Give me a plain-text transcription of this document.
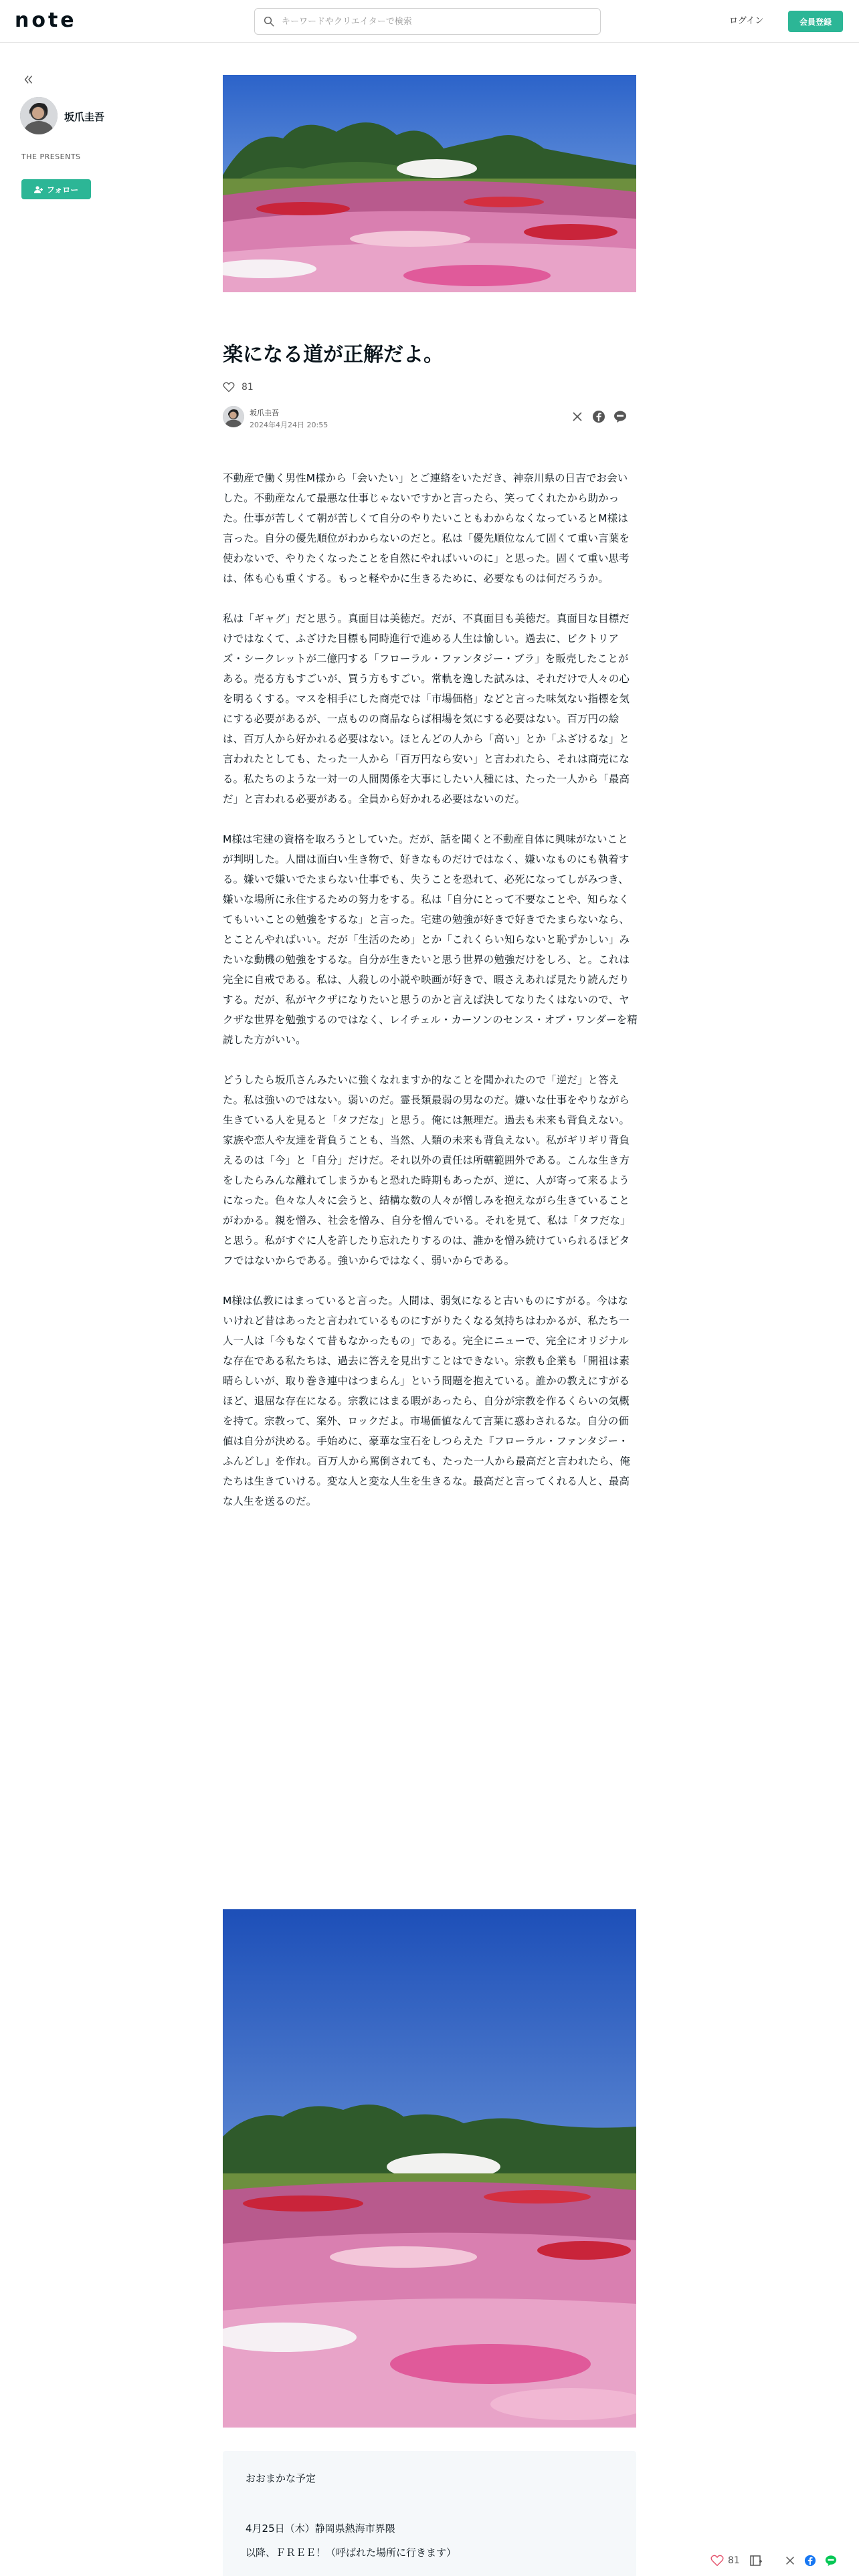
note
キーワードやクリエイターで検索	ログイン	会員登録
坂爪圭吾
THE PRESENTS
フォロー
楽になる道が正解だよ。
81
坂爪圭吾
2024年4月24日 20:55

不動産で働く男性M様から「会いたい」とご連絡をいただき、神奈川県の日吉でお会いした。不動産なんて最悪な仕事じゃないですかと言ったら、笑ってくれたから助かった。仕事が苦しくて朝が苦しくて自分のやりたいこともわからなくなっているとM様は言った。自分の優先順位がわからないのだと。私は「優先順位なんて固くて重い言葉を使わないで、やりたくなったことを自然にやればいいのに」と思った。固くて重い思考は、体も心も重くする。もっと軽やかに生きるために、必要なものは何だろうか。

私は「ギャグ」だと思う。真面目は美徳だ。だが、不真面目も美徳だ。真面目な目標だけではなくて、ふざけた目標も同時進行で進める人生は愉しい。過去に、ビクトリアズ・シークレットが二億円する「フローラル・ファンタジー・ブラ」を販売したことがある。売る方もすごいが、買う方もすごい。常軌を逸した試みは、それだけで人々の心を明るくする。マスを相手にした商売では「市場価格」などと言った味気ない指標を気にする必要があるが、一点ものの商品ならば相場を気にする必要はない。百万円の絵は、百万人から好かれる必要はない。ほとんどの人から「高い」とか「ふざけるな」と言われたとしても、たった一人から「百万円なら安い」と言われたら、それは商売になる。私たちのような一対一の人間関係を大事にしたい人種には、たった一人から「最高だ」と言われる必要がある。全員から好かれる必要はないのだ。

M様は宅建の資格を取ろうとしていた。だが、話を聞くと不動産自体に興味がないことが判明した。人間は面白い生き物で、好きなものだけではなく、嫌いなものにも執着する。嫌いで嫌いでたまらない仕事でも、失うことを恐れて、必死になってしがみつき、嫌いな場所に永住するための努力をする。私は「自分にとって不要なことや、知らなくてもいいことの勉強をするな」と言った。宅建の勉強が好きで好きでたまらないなら、とことんやればいい。だが「生活のため」とか「これくらい知らないと恥ずかしい」みたいな動機の勉強をするな。自分が生きたいと思う世界の勉強だけをしろ、と。これは完全に自戒である。私は、人殺しの小説や映画が好きで、暇さえあれば見たり読んだりする。だが、私がヤクザになりたいと思うのかと言えば決してなりたくはないので、ヤクザな世界を勉強するのではなく、レイチェル・カーソンのセンス・オブ・ワンダーを精読した方がいい。

どうしたら坂爪さんみたいに強くなれますか的なことを聞かれたので「逆だ」と答えた。私は強いのではない。弱いのだ。霊長類最弱の男なのだ。嫌いな仕事をやりながら生きている人を見ると「タフだな」と思う。俺には無理だ。過去も未来も背負えない。家族や恋人や友達を背負うことも、当然、人類の未来も背負えない。私がギリギリ背負えるのは「今」と「自分」だけだ。それ以外の責任は所轄範囲外である。こんな生き方をしたらみんな離れてしまうかもと恐れた時期もあったが、逆に、人が寄って来るようになった。色々な人々に会うと、結構な数の人々が憎しみを抱えながら生きていることがわかる。親を憎み、社会を憎み、自分を憎んでいる。それを見て、私は「タフだな」と思う。私がすぐに人を許したり忘れたりするのは、誰かを憎み続けていられるほどタフではないからである。強いからではなく、弱いからである。

M様は仏教にはまっていると言った。人間は、弱気になると古いものにすがる。今はないけれど昔はあったと言われているものにすがりたくなる気持ちはわかるが、私たち一人一人は「今もなくて昔もなかったもの」である。完全にニューで、完全にオリジナルな存在である私たちは、過去に答えを見出すことはできない。宗教も企業も「開祖は素晴らしいが、取り巻き連中はつまらん」という問題を抱えている。誰かの教えにすがるほど、退屈な存在になる。宗教にはまる暇があったら、自分が宗教を作るくらいの気概を持て。宗教って、案外、ロックだよ。市場価値なんて言葉に惑わされるな。自分の価値は自分が決める。手始めに、豪華な宝石をしつらえた『フローラル・ファンタジー・ふんどし』を作れ。百万人から罵倒されても、たった一人から最高だと言われたら、俺たちは生きていける。変な人と変な人生を生きるな。最高だと言ってくれる人と、最高な人生を送るのだ。

おおまかな予定
4月25日（木）静岡県熱海市界隈
以降、ＦＲＥＥ！（呼ばれた場所に行きます）
81
